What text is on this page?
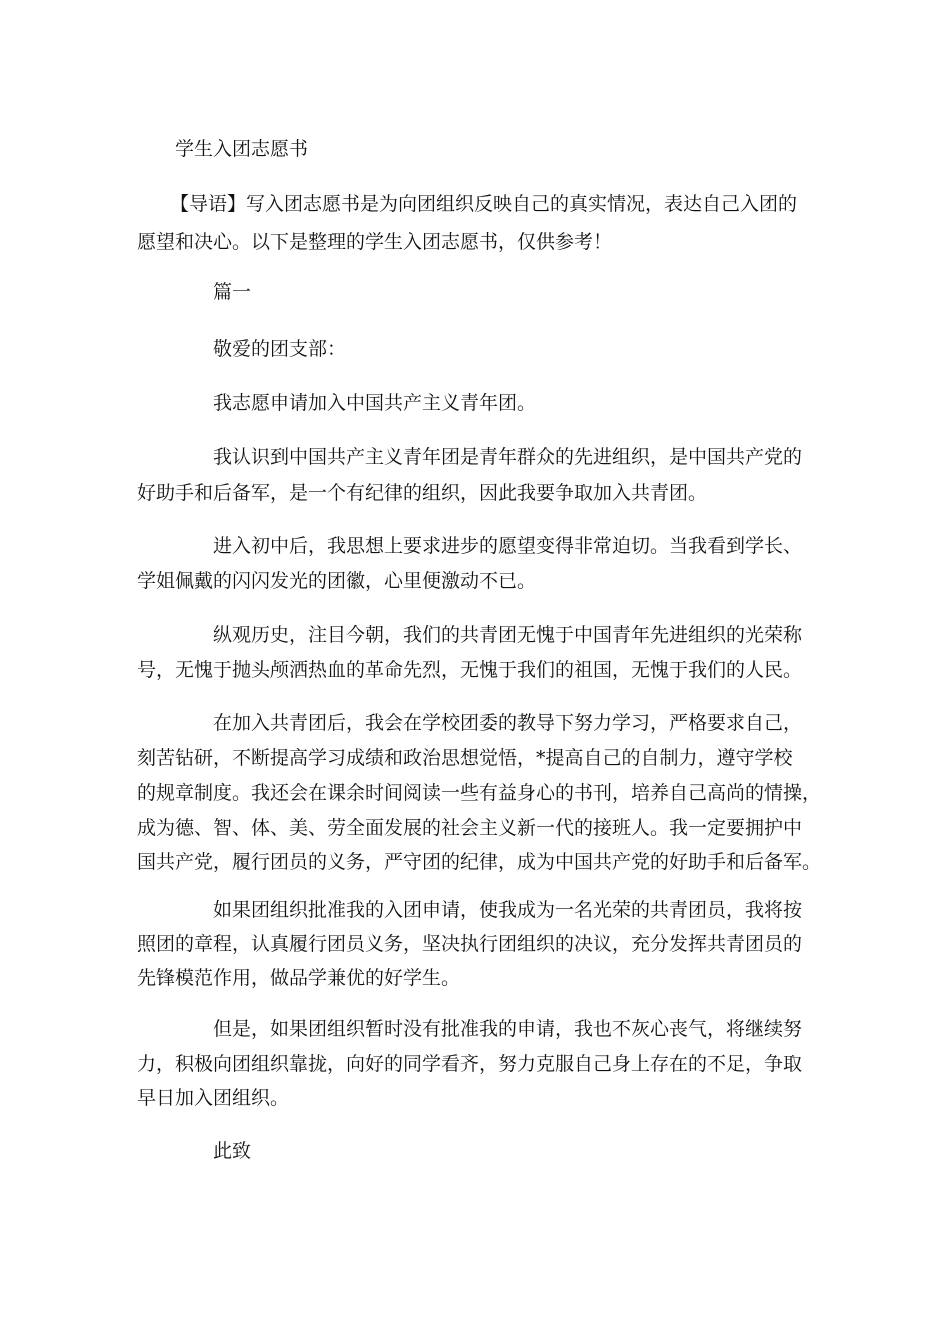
学生入团志愿书

【导语】写入团志愿书是为向团组织反映自己的真实情况，表达自己入团的

愿望和决心。以下是整理的学生入团志愿书，仅供参考！

篇一

敬爱的团支部：

我志愿申请加入中国共产主义青年团。

我认识到中国共产主义青年团是青年群众的先进组织，是中国共产党的

好助手和后备军，是一个有纪律的组织，因此我要争取加入共青团。

进入初中后，我思想上要求进步的愿望变得非常迫切。当我看到学长、

学姐佩戴的闪闪发光的团徽，心里便激动不已。

纵观历史，注目今朝，我们的共青团无愧于中国青年先进组织的光荣称

号，无愧于抛头颅洒热血的革命先烈，无愧于我们的祖国，无愧于我们的人民。

在加入共青团后，我会在学校团委的教导下努力学习，严格要求自己，

刻苦钻研，不断提高学习成绩和政治思想觉悟，*提高自己的自制力，遵守学校

的规章制度。我还会在课余时间阅读一些有益身心的书刊，培养自己高尚的情操，

成为德、智、体、美、劳全面发展的社会主义新一代的接班人。我一定要拥护中

国共产党，履行团员的义务，严守团的纪律，成为中国共产党的好助手和后备军。

如果团组织批准我的入团申请，使我成为一名光荣的共青团员，我将按

照团的章程，认真履行团员义务，坚决执行团组织的决议，充分发挥共青团员的

先锋模范作用，做品学兼优的好学生。

但是，如果团组织暂时没有批准我的申请，我也不灰心丧气，将继续努

力，积极向团组织靠拢，向好的同学看齐，努力克服自己身上存在的不足，争取

早日加入团组织。

此致
